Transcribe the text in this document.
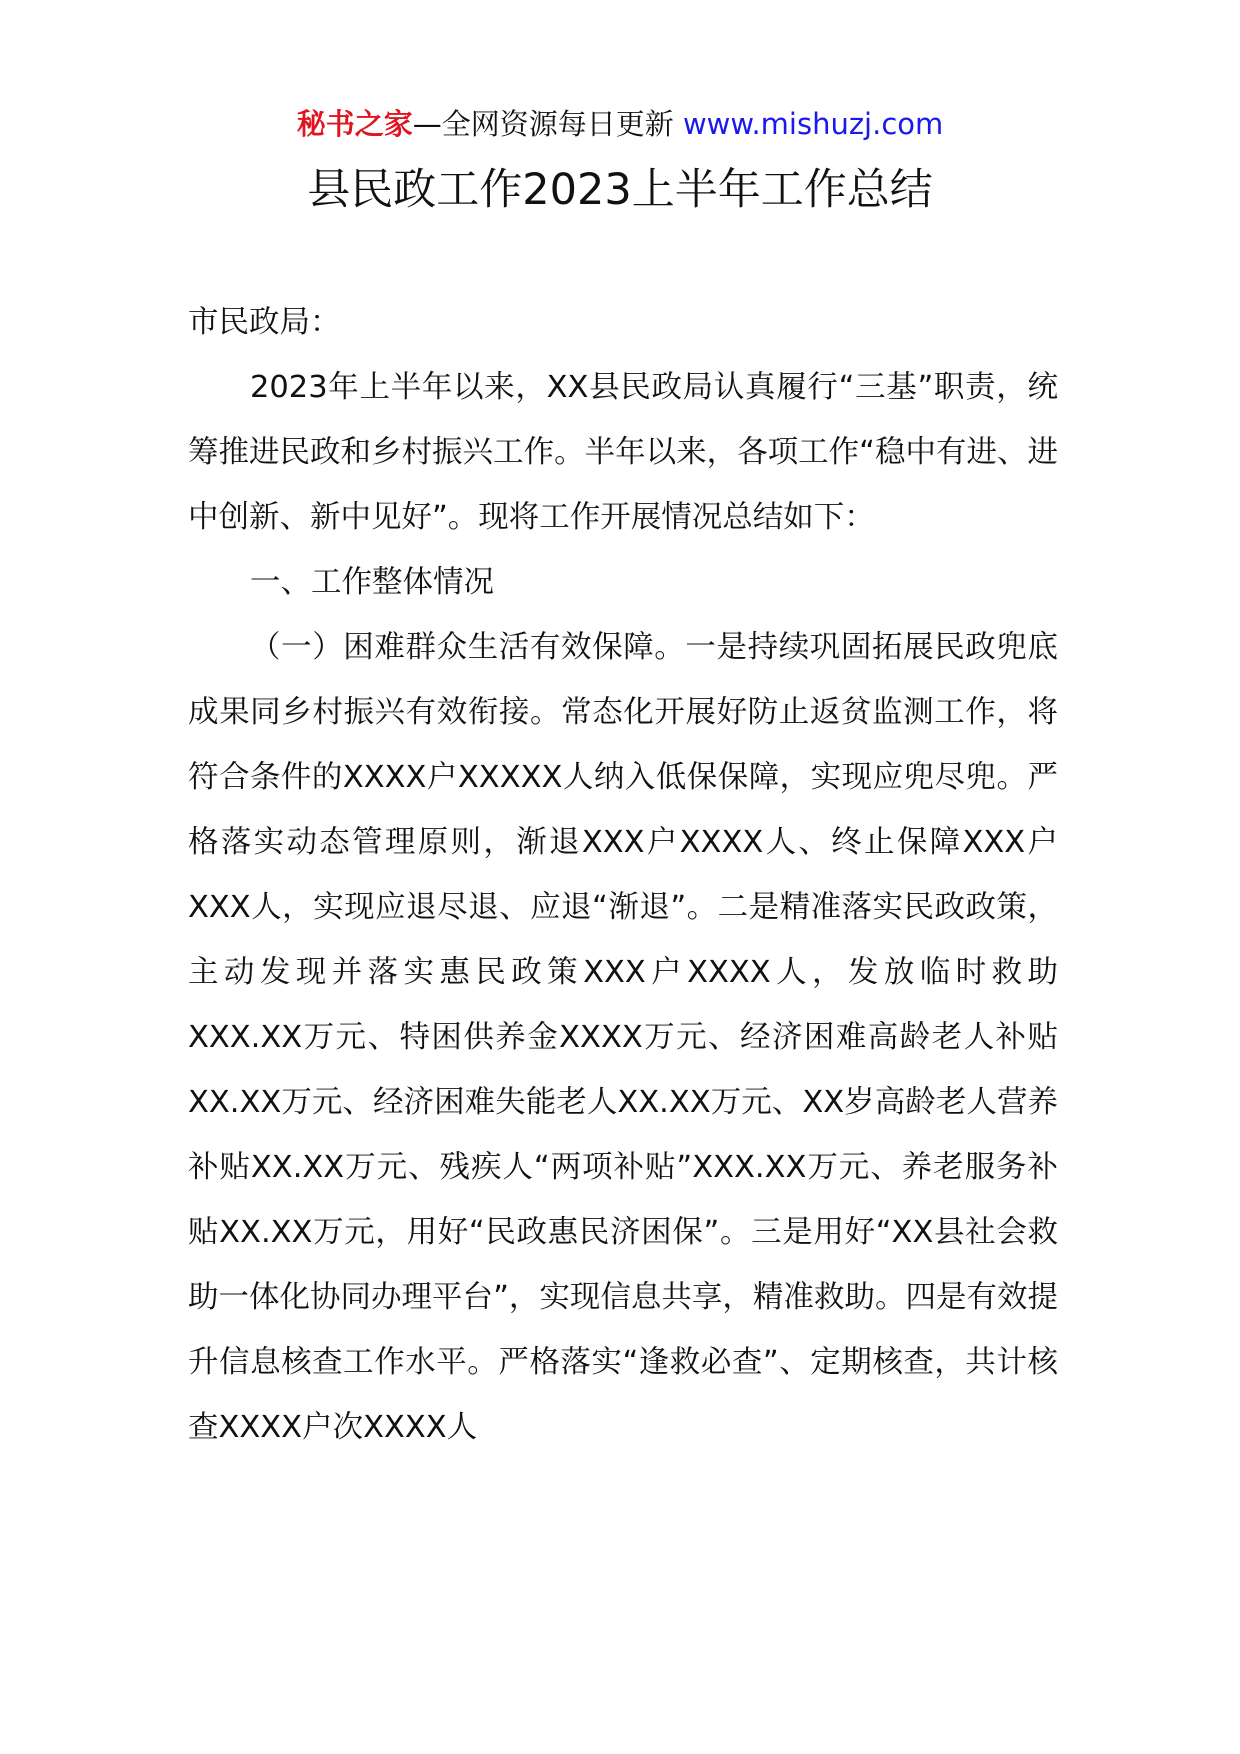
秘书之家—全网资源每日更新 www.mishuzj.com
县民政工作2023上半年工作总结

市民政局：

2023年上半年以来，XX县民政局认真履行“三基”职责，统筹推进民政和乡村振兴工作。半年以来，各项工作“稳中有进、进中创新、新中见好”。现将工作开展情况总结如下：

一、工作整体情况

（一）困难群众生活有效保障。一是持续巩固拓展民政兜底成果同乡村振兴有效衔接。常态化开展好防止返贫监测工作，将符合条件的XXXX户XXXXX人纳入低保保障，实现应兜尽兜。严格落实动态管理原则，渐退XXX户XXXX人、终止保障XXX户XXX人，实现应退尽退、应退“渐退”。二是精准落实民政政策，主动发现并落实惠民政策XXX户XXXX人，发放临时救助XXX.XX万元、特困供养金XXXX万元、经济困难高龄老人补贴XX.XX万元、经济困难失能老人XX.XX万元、XX岁高龄老人营养补贴XX.XX万元、残疾人“两项补贴”XXX.XX万元、养老服务补贴XX.XX万元，用好“民政惠民济困保”。三是用好“XX县社会救助一体化协同办理平台”，实现信息共享，精准救助。四是有效提升信息核查工作水平。严格落实“逢救必查”、定期核查，共计核查XXXX户次XXXX人
